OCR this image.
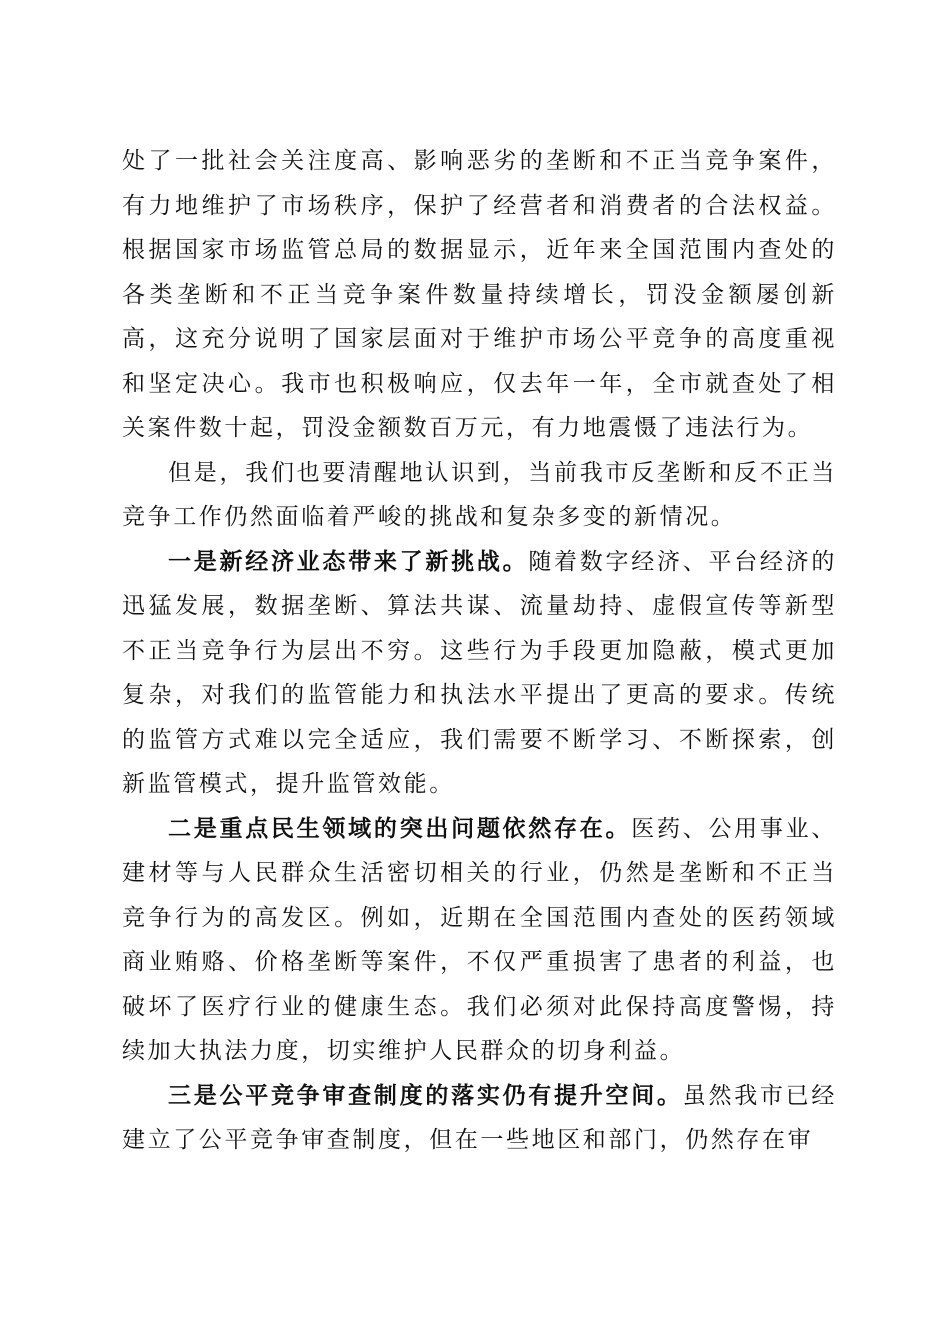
处了一批社会关注度高、影响恶劣的垄断和不正当竞争案件，有力地维护了市场秩序，保护了经营者和消费者的合法权益。根据国家市场监管总局的数据显示，近年来全国范围内查处的各类垄断和不正当竞争案件数量持续增长，罚没金额屡创新高，这充分说明了国家层面对于维护市场公平竞争的高度重视和坚定决心。我市也积极响应，仅去年一年，全市就查处了相关案件数十起，罚没金额数百万元，有力地震慑了违法行为。

但是，我们也要清醒地认识到，当前我市反垄断和反不正当竞争工作仍然面临着严峻的挑战和复杂多变的新情况。

一是新经济业态带来了新挑战。随着数字经济、平台经济的迅猛发展，数据垄断、算法共谋、流量劫持、虚假宣传等新型不正当竞争行为层出不穷。这些行为手段更加隐蔽，模式更加复杂，对我们的监管能力和执法水平提出了更高的要求。传统的监管方式难以完全适应，我们需要不断学习、不断探索，创新监管模式，提升监管效能。

二是重点民生领域的突出问题依然存在。医药、公用事业、建材等与人民群众生活密切相关的行业，仍然是垄断和不正当竞争行为的高发区。例如，近期在全国范围内查处的医药领域商业贿赂、价格垄断等案件，不仅严重损害了患者的利益，也破坏了医疗行业的健康生态。我们必须对此保持高度警惕，持续加大执法力度，切实维护人民群众的切身利益。

三是公平竞争审查制度的落实仍有提升空间。虽然我市已经建立了公平竞争审查制度，但在一些地区和部门，仍然存在审
